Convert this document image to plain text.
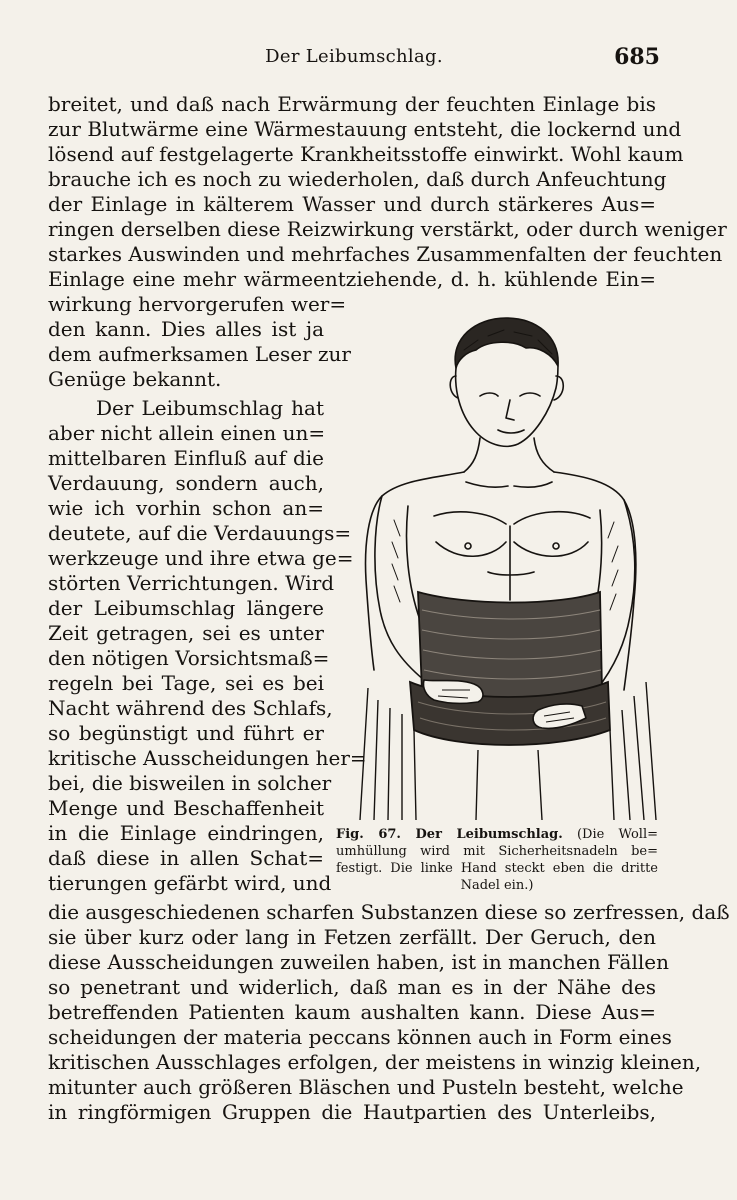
Der Leibumschlag.	685
breitet, und daß nach Erwärmung der feuchten Einlage bis
zur Blutwärme eine Wärmestauung entsteht, die lockernd und
lösend auf festgelagerte Krankheitsstoffe einwirkt. Wohl kaum
brauche ich es noch zu wiederholen, daß durch Anfeuchtung
der Einlage in kälterem Wasser und durch stärkeres Aus=
ringen derselben diese Reizwirkung verstärkt, oder durch weniger
starkes Auswinden und mehrfaches Zusammenfalten der feuchten
Einlage eine mehr wärmeentziehende, d. h. kühlende Ein=
wirkung hervorgerufen wer=
den kann. Dies alles ist ja
dem aufmerksamen Leser zur
Genüge bekannt.
Der Leibumschlag hat
aber nicht allein einen un=
mittelbaren Einfluß auf die
Verdauung, sondern auch,
wie ich vorhin schon an=
deutete, auf die Verdauungs=
werkzeuge und ihre etwa ge=
störten Verrichtungen. Wird
der Leibumschlag längere
Zeit getragen, sei es unter
den nötigen Vorsichtsmaß=
regeln bei Tage, sei es bei
Nacht während des Schlafs,
so begünstigt und führt er
kritische Ausscheidungen her=
bei, die bisweilen in solcher
Menge und Beschaffenheit
in die Einlage eindringen,
daß diese in allen Schat=
tierungen gefärbt wird, und
die ausgeschiedenen scharfen Substanzen diese so zerfressen, daß
sie über kurz oder lang in Fetzen zerfällt. Der Geruch, den
diese Ausscheidungen zuweilen haben, ist in manchen Fällen
so penetrant und widerlich, daß man es in der Nähe des
betreffenden Patienten kaum aushalten kann. Diese Aus=
scheidungen der materia peccans können auch in Form eines
kritischen Ausschlages erfolgen, der meistens in winzig kleinen,
mitunter auch größeren Bläschen und Pusteln besteht, welche
in ringförmigen Gruppen die Hautpartien des Unterleibs,
Fig. 67. Der Leibumschlag. (Die Woll=
umhüllung wird mit Sicherheitsnadeln be=
festigt. Die linke Hand steckt eben die dritte
Nadel ein.)
